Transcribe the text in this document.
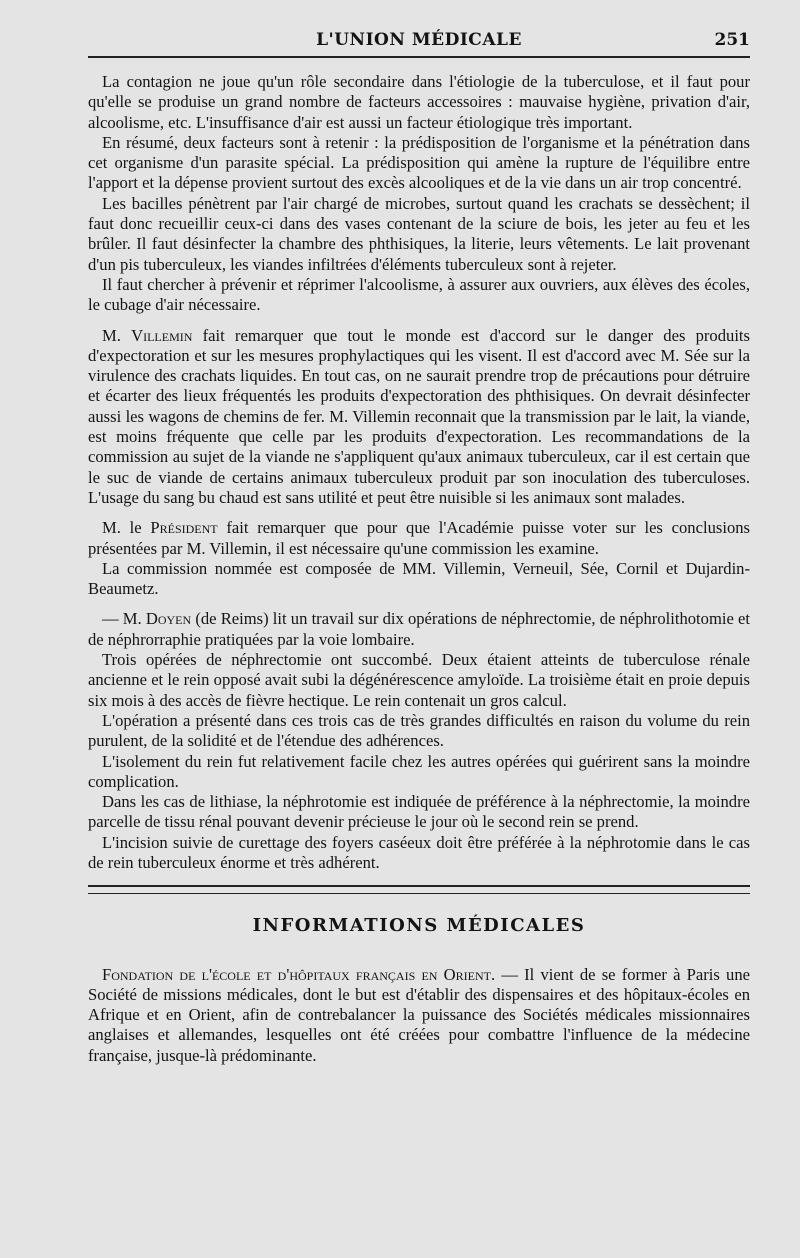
L'UNION MÉDICALE	251

La contagion ne joue qu'un rôle secondaire dans l'étiologie de la tuberculose, et il faut pour qu'elle se produise un grand nombre de facteurs accessoires : mauvaise hygiène, privation d'air, alcoolisme, etc. L'insuffisance d'air est aussi un facteur étiologique très important.

En résumé, deux facteurs sont à retenir : la prédisposition de l'organisme et la pénétration dans cet organisme d'un parasite spécial. La prédisposition qui amène la rupture de l'équilibre entre l'apport et la dépense provient surtout des excès alcooliques et de la vie dans un air trop concentré.

Les bacilles pénètrent par l'air chargé de microbes, surtout quand les crachats se dessèchent; il faut donc recueillir ceux-ci dans des vases contenant de la sciure de bois, les jeter au feu et les brûler. Il faut désinfecter la chambre des phthisiques, la literie, leurs vêtements. Le lait provenant d'un pis tuberculeux, les viandes infiltrées d'éléments tuberculeux sont à rejeter.

Il faut chercher à prévenir et réprimer l'alcoolisme, à assurer aux ouvriers, aux élèves des écoles, le cubage d'air nécessaire.

M. Villemin fait remarquer que tout le monde est d'accord sur le danger des produits d'expectoration et sur les mesures prophylactiques qui les visent. Il est d'accord avec M. Sée sur la virulence des crachats liquides. En tout cas, on ne saurait prendre trop de précautions pour détruire et écarter des lieux fréquentés les produits d'expectoration des phthisiques. On devrait désinfecter aussi les wagons de chemins de fer. M. Villemin reconnait que la transmission par le lait, la viande, est moins fréquente que celle par les produits d'expectoration. Les recommandations de la commission au sujet de la viande ne s'appliquent qu'aux animaux tuberculeux, car il est certain que le suc de viande de certains animaux tuberculeux produit par son inoculation des tuberculoses. L'usage du sang bu chaud est sans utilité et peut être nuisible si les animaux sont malades.

M. le Président fait remarquer que pour que l'Académie puisse voter sur les conclusions présentées par M. Villemin, il est nécessaire qu'une commission les examine.

La commission nommée est composée de MM. Villemin, Verneuil, Sée, Cornil et Dujardin-Beaumetz.

— M. Doyen (de Reims) lit un travail sur dix opérations de néphrectomie, de néphrolithotomie et de néphrorraphie pratiquées par la voie lombaire.

Trois opérées de néphrectomie ont succombé. Deux étaient atteints de tuberculose rénale ancienne et le rein opposé avait subi la dégénérescence amyloïde. La troisième était en proie depuis six mois à des accès de fièvre hectique. Le rein contenait un gros calcul.

L'opération a présenté dans ces trois cas de très grandes difficultés en raison du volume du rein purulent, de la solidité et de l'étendue des adhérences.

L'isolement du rein fut relativement facile chez les autres opérées qui guérirent sans la moindre complication.

Dans les cas de lithiase, la néphrotomie est indiquée de préférence à la néphrectomie, la moindre parcelle de tissu rénal pouvant devenir précieuse le jour où le second rein se prend.

L'incision suivie de curettage des foyers caséeux doit être préférée à la néphrotomie dans le cas de rein tuberculeux énorme et très adhérent.

INFORMATIONS MÉDICALES

Fondation de l'école et d'hôpitaux français en Orient. — Il vient de se former à Paris une Société de missions médicales, dont le but est d'établir des dispensaires et des hôpitaux-écoles en Afrique et en Orient, afin de contrebalancer la puissance des Sociétés médicales missionnaires anglaises et allemandes, lesquelles ont été créées pour combattre l'influence de la médecine française, jusque-là prédominante.
